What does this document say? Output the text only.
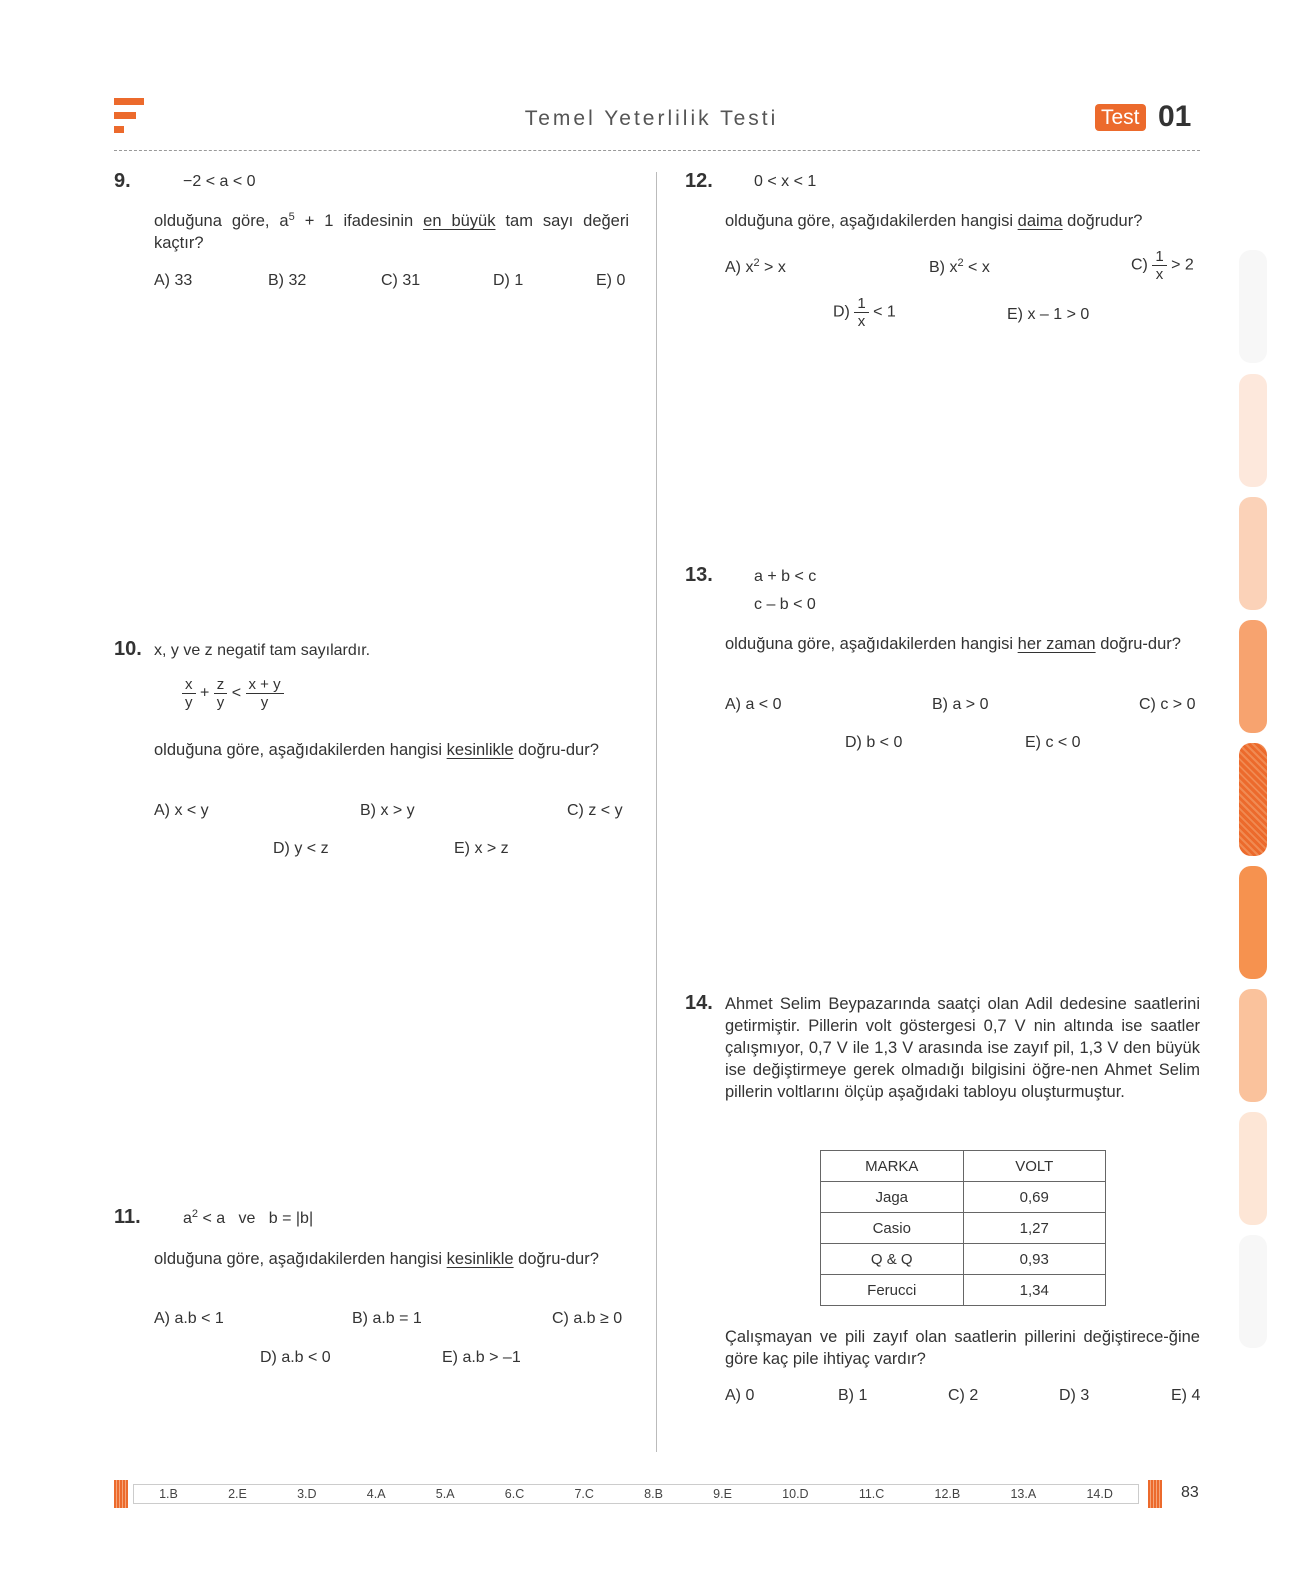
Temel Yeterlilik Testi	Test 01
9.	−2 < a < 0
olduğuna göre, $a^5 + 1$ ifadesinin en büyük tam sayı değeri kaçtır?
A) 33	B) 32	C) 31	D) 1	E) 0
10. x, y ve z negatif tam sayılardır.
$\frac{x}{y} + \frac{z}{y} < \frac{x + y}{y}$
olduğuna göre, aşağıdakilerden hangisi kesinlikle doğru-dur?
A) x < y	B) x > y	C) z < y
D) y < z	E) x > z
11.	$a^2 < a$ ve b = |b|
olduğuna göre, aşağıdakilerden hangisi kesinlikle doğru-dur?
A) a.b < 1	B) a.b = 1	C) a.b ≥ 0
D) a.b < 0	E) a.b > –1
12.	0 < x < 1
olduğuna göre, aşağıdakilerden hangisi daima doğrudur?
A) $x^2 > x$	B) $x^2 < x$	$C) \frac{1}{x} > 2$
$D) \frac{1}{x} < 1$	E) x – 1 > 0
13.	a + b < c
c – b < 0
olduğuna göre, aşağıdakilerden hangisi her zaman doğru-dur?
A) a < 0	B) a > 0	C) c > 0
D) b < 0	E) c < 0
14. Ahmet Selim Beypazarında saatçi olan Adil dedesine saatlerini getirmiştir. Pillerin volt göstergesi 0,7 V nin altında ise saatler çalışmıyor, 0,7 V ile 1,3 V arasında ise zayıf pil, 1,3 V den büyük ise değiştirmeye gerek olmadığı bilgisini öğre-nen Ahmet Selim pillerin voltlarını ölçüp aşağıdaki tabloyu oluşturmuştur.
MARKA	VOLT
Jaga	0,69
Casio	1,27
Q & Q	0,93
Ferucci	1,34
Çalışmayan ve pili zayıf olan saatlerin pillerini değiştirece-ğine göre kaç pile ihtiyaç vardır?
A) 0	B) 1	C) 2	D) 3	E) 4
1.B	2.E	3.D	4.A	5.A	6.C	7.C	8.B	9.E	10.D	11.C	12.B	13.A	14.D	83
